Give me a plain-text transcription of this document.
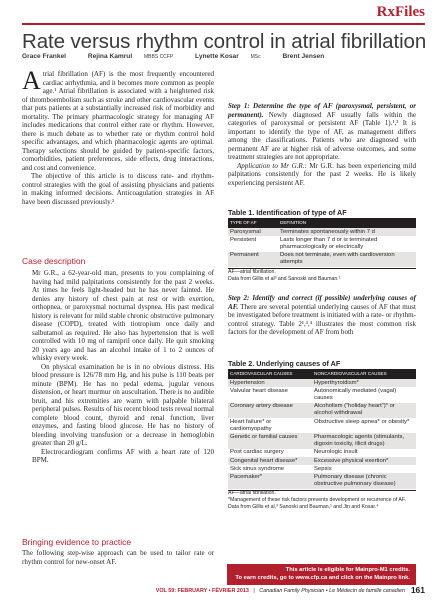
RxFiles
Rate versus rhythm control in atrial fibrillation
Grace Frankel	Rejina Kamrul MBBS CCFP	Lynette Kosar MSc	Brent Jensen

Atrial fibrillation (AF) is the most frequently encountered cardiac arrhythmia, and it becomes more common as people age.¹ Atrial fibrillation is associated with a heightened risk of thromboembolism such as stroke and other cardiovascular events that puts patients at a substantially increased risk of morbidity and mortality. The primary pharmacologic strategy for managing AF includes medications that control either rate or rhythm. However, there is much debate as to whether rate or rhythm control hold specific advantages, and which pharmacologic agents are optimal. Therapy selections should be guided by patient-specific factors, comorbidities, patient preferences, side effects, drug interactions, and cost and convenience.

The objective of this article is to discuss rate- and rhythm-control strategies with the goal of assisting physicians and patients in making informed decisions. Anticoagulation strategies in AF have been discussed previously.²

Case description

Mr G.R., a 62-year-old man, presents to you complaining of having had mild palpitations consistently for the past 2 weeks. At times he feels light-headed but he has never fainted. He denies any history of chest pain at rest or with exertion, orthopnea, or paroxysmal nocturnal dyspnea. His past medical history is relevant for mild stable chronic obstructive pulmonary disease (COPD), treated with tiotropium once daily and salbutamol as required. He also has hypertension that is well controlled with 10 mg of ramipril once daily. He quit smoking 20 years ago and has an alcohol intake of 1 to 2 ounces of whisky every week.

On physical examination he is in no obvious distress. His blood pressure is 126/78 mm Hg, and his pulse is 110 beats per minute (BPM). He has no pedal edema, jugular venous distension, or heart murmur on auscultation. There is no audible bruit, and his extremities are warm with palpable bilateral peripheral pulses. Results of his recent blood tests reveal normal complete blood count, thyroid and renal function, liver enzymes, and fasting blood glucose. He has no history of bleeding involving transfusion or a decrease in hemoglobin greater than 20 g/L.

Electrocardiogram confirms AF with a heart rate of 120 BPM.

Bringing evidence to practice

The following step-wise approach can be used to tailor rate or rhythm control for new-onset AF.

Step 1: Determine the type of AF (paroxysmal, persistent, or permanent). Newly diagnosed AF usually falls within the categories of paroxysmal or persistent AF (Table 1).¹,³ It is important to identify the type of AF, as management differs among the classifications. Patients who are diagnosed with permanent AF are at higher risk of adverse outcomes, and some treatment strategies are not appropriate.

Application to Mr G.R.: Mr G.R. has been experiencing mild palpitations consistently for the past 2 weeks. He is likely experiencing persistent AF.

Table 1. Identification of type of AF
TYPE OF AF	DEFINITION
Paroxysmal	Terminates spontaneously within 7 d
Persistent	Lasts longer than 7 d or is terminated pharmacologically or electrically
Permanent	Does not terminate, even with cardioversion attempts
AF—atrial fibrillation.
Data from Gillis et al³ and Sanoski and Bauman.¹

Step 2: Identify and correct (if possible) underlying causes of AF. There are several potential underlying causes of AF that must be investigated before treatment is initiated with a rate- or rhythm-control strategy. Table 2¹,³,⁴ illustrates the most common risk factors for the development of AF from both

Table 2. Underlying causes of AF
CARDIOVASCULAR CAUSES	NONCARDIOVASCULAR CAUSES
Hypertension	Hyperthyroidism*
Valvular heart disease	Autonomically mediated (vagal) causes
Coronary artery disease	Alcoholism (“holiday heart”)* or alcohol withdrawal
Heart failure* or cardiomyopathy	Obstructive sleep apnea* or obesity*
Genetic or familial causes	Pharmacologic agents (stimulants, digoxin toxicity, illicit drugs)
Post cardiac surgery	Neurologic insult
Congenital heart disease*	Excessive physical exertion*
Sick sinus syndrome	Sepsis
Pacemaker*	Pulmonary disease (chronic obstructive pulmonary disease)
AF—atrial fibrillation.
*Management of these risk factors prevents development or recurrence of AF.
Data from Gillis et al,³ Sanoski and Bauman,¹ and Jin and Kosar.⁴
This article is eligible for Mainpro-M1 credits.
To earn credits, go to www.cfp.ca and click on the Mainpro link.
VOL 59: FEBRUARY • FÉVRIER 2013 | Canadian Family Physician • Le Médecin de famille canadien 161
